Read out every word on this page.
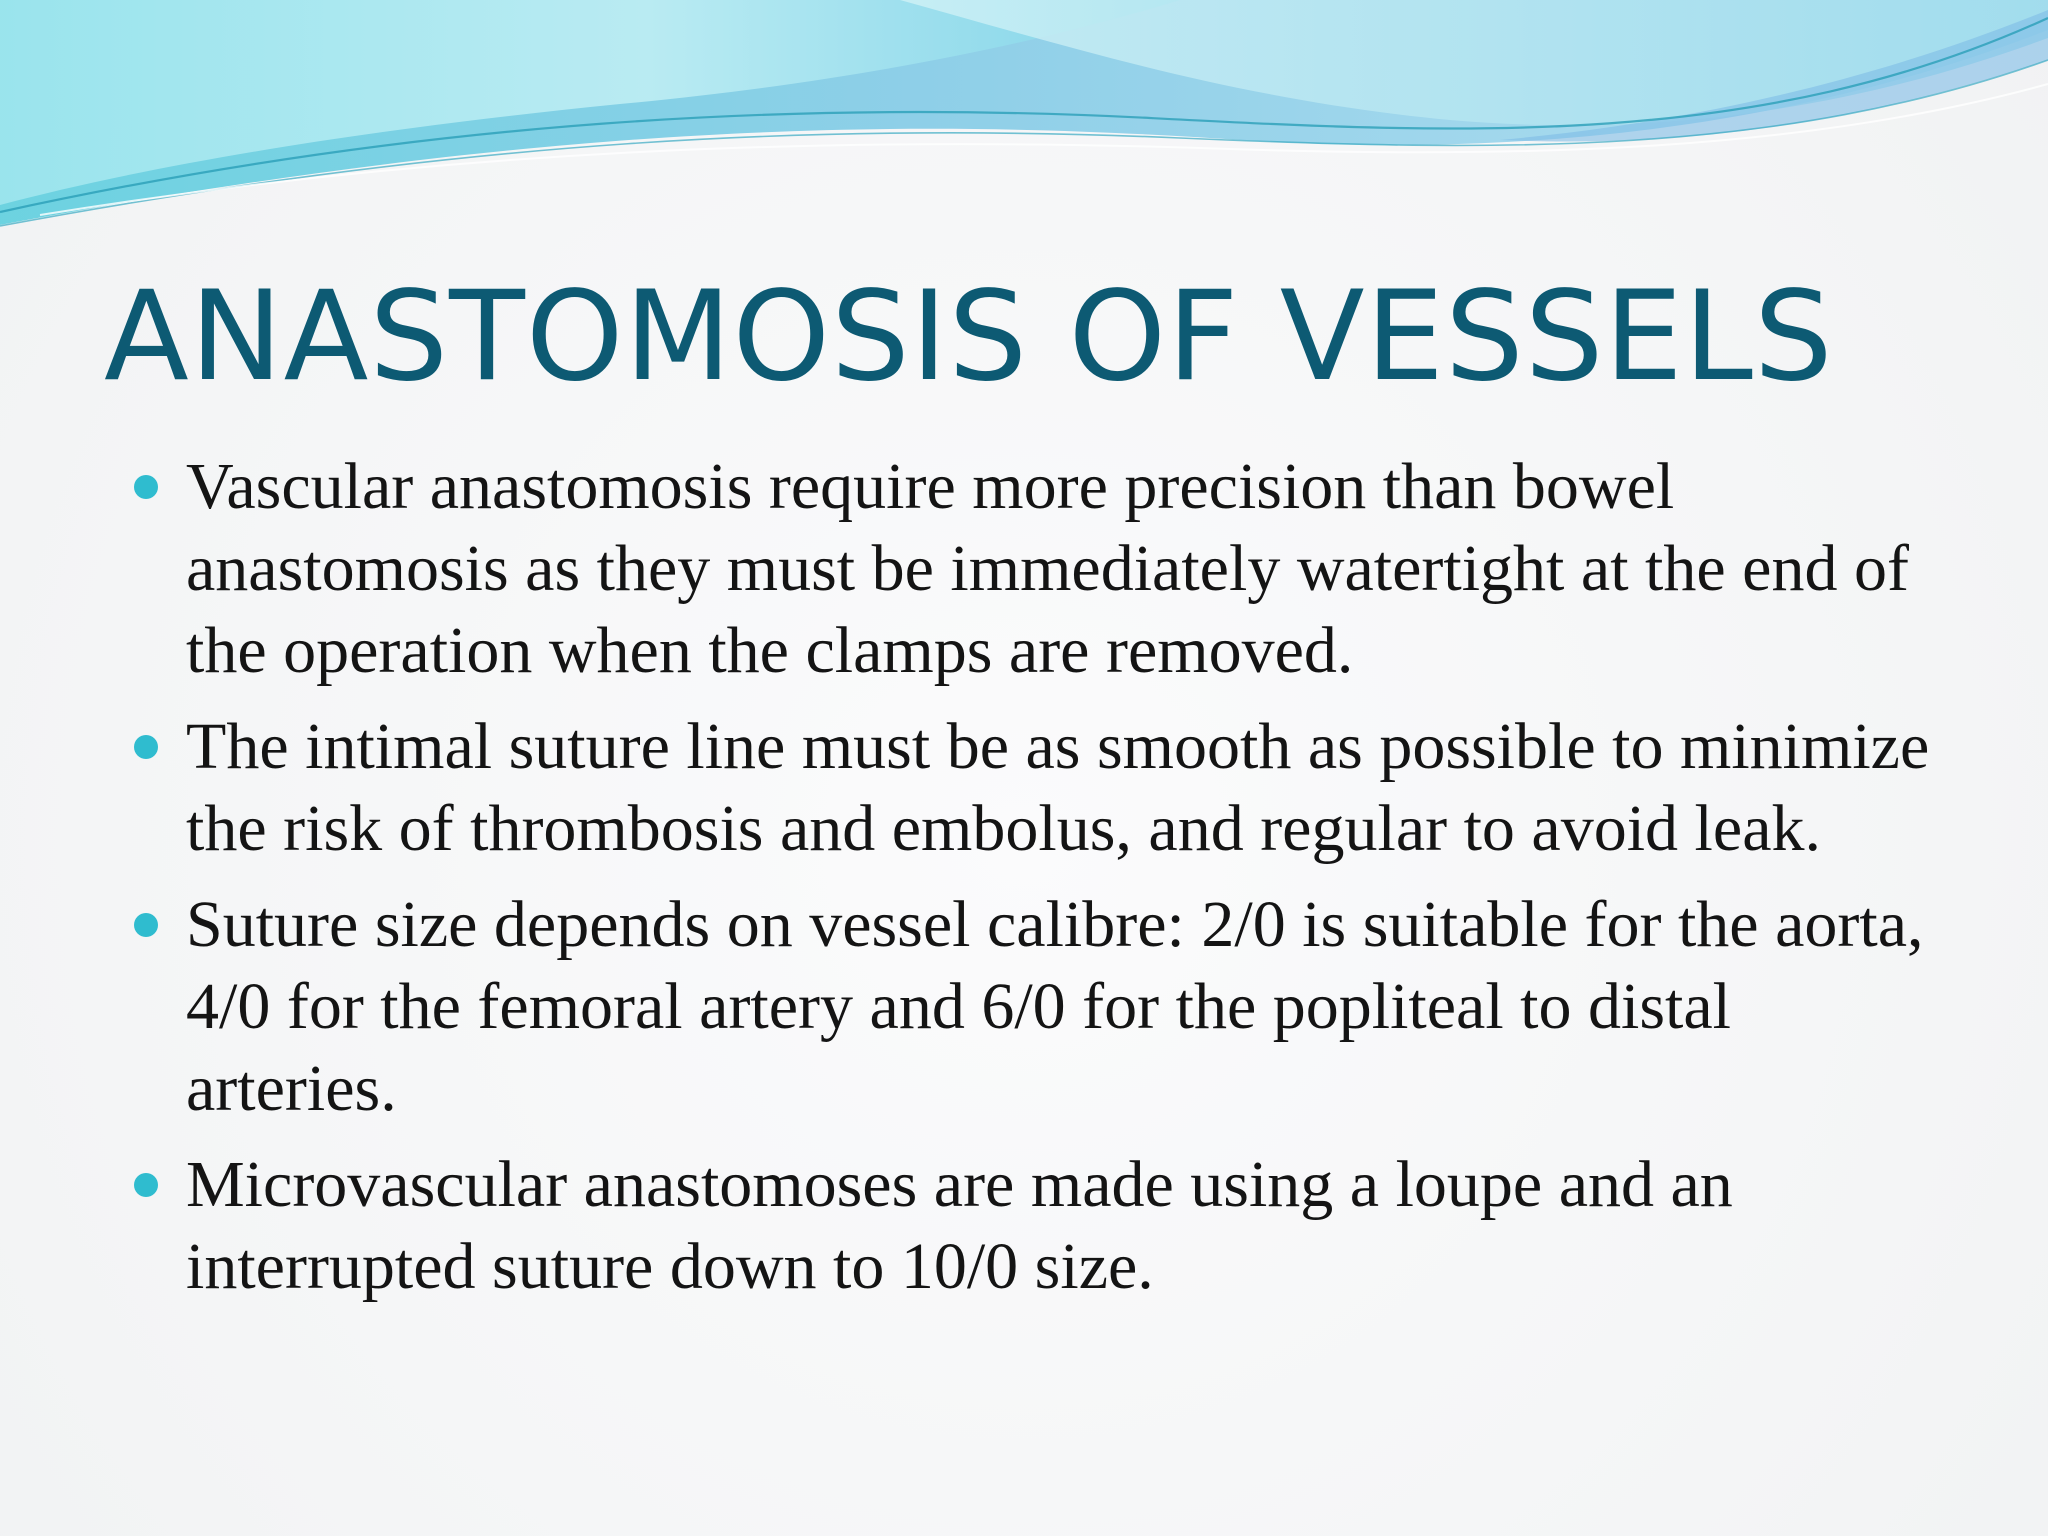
ANASTOMOSIS OF VESSELS
Vascular anastomosis require more precision than bowel anastomosis as they must be immediately watertight at the end of the operation when the clamps are removed.
The intimal suture line must be as smooth as possible to minimize the risk of thrombosis and embolus, and regular to avoid leak.
Suture size depends on vessel calibre: 2/0 is suitable for the aorta, 4/0 for the femoral artery and 6/0 for the popliteal to distal arteries.
Microvascular anastomoses are made using a loupe and an interrupted suture down to 10/0 size.
